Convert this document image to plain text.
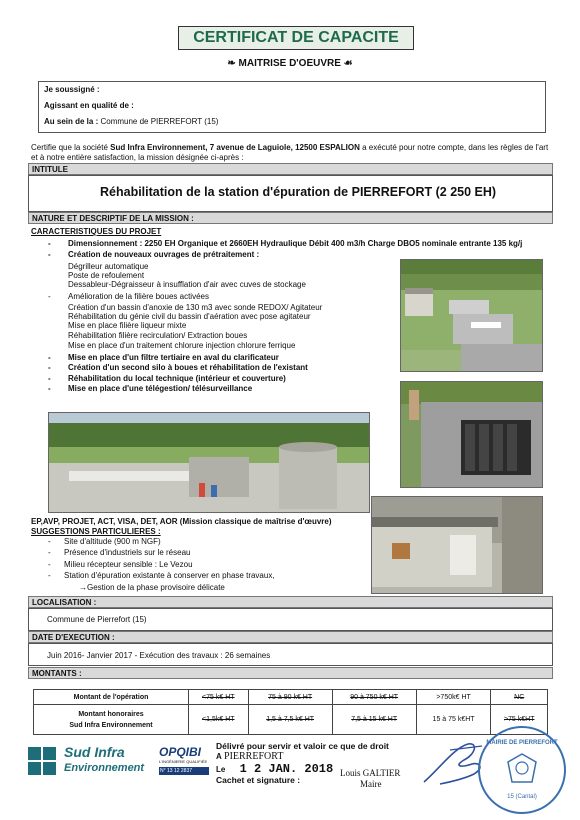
CERTIFICAT DE CAPACITE
❧ MAITRISE D'OEUVRE ☙
Je soussigné :
Agissant en qualité de :
Au sein de la : Commune de PIERREFORT (15)
Certifie que la société Sud Infra Environnement, 7 avenue de Laguiole, 12500 ESPALION a exécuté pour notre compte, dans les règles de l'art
et à notre entière satisfaction, la mission désignée ci-après :
INTITULE
Réhabilitation de la station d'épuration de PIERREFORT (2 250 EH)
NATURE ET DESCRIPTIF DE LA MISSION :
CARACTERISTIQUES DU PROJET
- Dimensionnement : 2250 EH Organique et 2660EH Hydraulique Débit 400 m3/h Charge DBO5 nominale entrante 135 kg/j
- Création de nouveaux ouvrages de prétraitement :
Dégrilleur automatique
Poste de refoulement
Dessableur-Dégraisseur à insufflation d'air avec cuves de stockage
- Amélioration de la filière boues activées
Création d'un bassin d'anoxie de 130 m3 avec sonde REDOX/ Agitateur
Réhabilitation du génie civil du bassin d'aération avec pose agitateur
Mise en place filière liqueur mixte
Réhabilitation filière recirculation/ Extraction boues
Mise en place d'un traitement chlorure injection chlorure ferrique
- Mise en place d'un filtre tertiaire en aval du clarificateur
- Création d'un second silo à boues et réhabilitation de l'existant
- Réhabilitation du local technique (intérieur et couverture)
- Mise en place d'une télégestion/ télésurveillance
EP,AVP, PROJET, ACT, VISA, DET, AOR (Mission classique de maîtrise d'œuvre)
SUGGESTIONS PARTICULIERES :
- Site d'altitude (900 m NGF)
- Présence d'industriels sur le réseau
- Milieu récepteur sensible : Le Vezou
- Station d'épuration existante à conserver en phase travaux,
→Gestion de la phase provisoire délicate
LOCALISATION :
Commune de Pierrefort (15)
DATE D'EXECUTION :
Juin 2016- Janvier 2017 - Exécution des travaux : 26 semaines
MONTANTS :
Montant de l'opération	<75 k€ HT	75 à 90 k€ HT	90 à 750 k€ HT	>750k€ HT	NC

Montant honoraires
Sud Infra Environnement	<1,5k€ HT	1,5 à 7,5 k€ HT	7,5 à 15 k€ HT	15 à 75 k€HT	>75 k€HT
Sud Infra
Environnement
OPQIBI
L'INGÉNIERIE QUALIFIÉE
N° 13 12 2837
Délivré pour servir et valoir ce que de droit
A PIERREFORT
Le 1 2 JAN. 2018
Cachet et signature :
Louis GALTIER
Maire
MAIRIE DE PIERREFORT
15 (Cantal)
